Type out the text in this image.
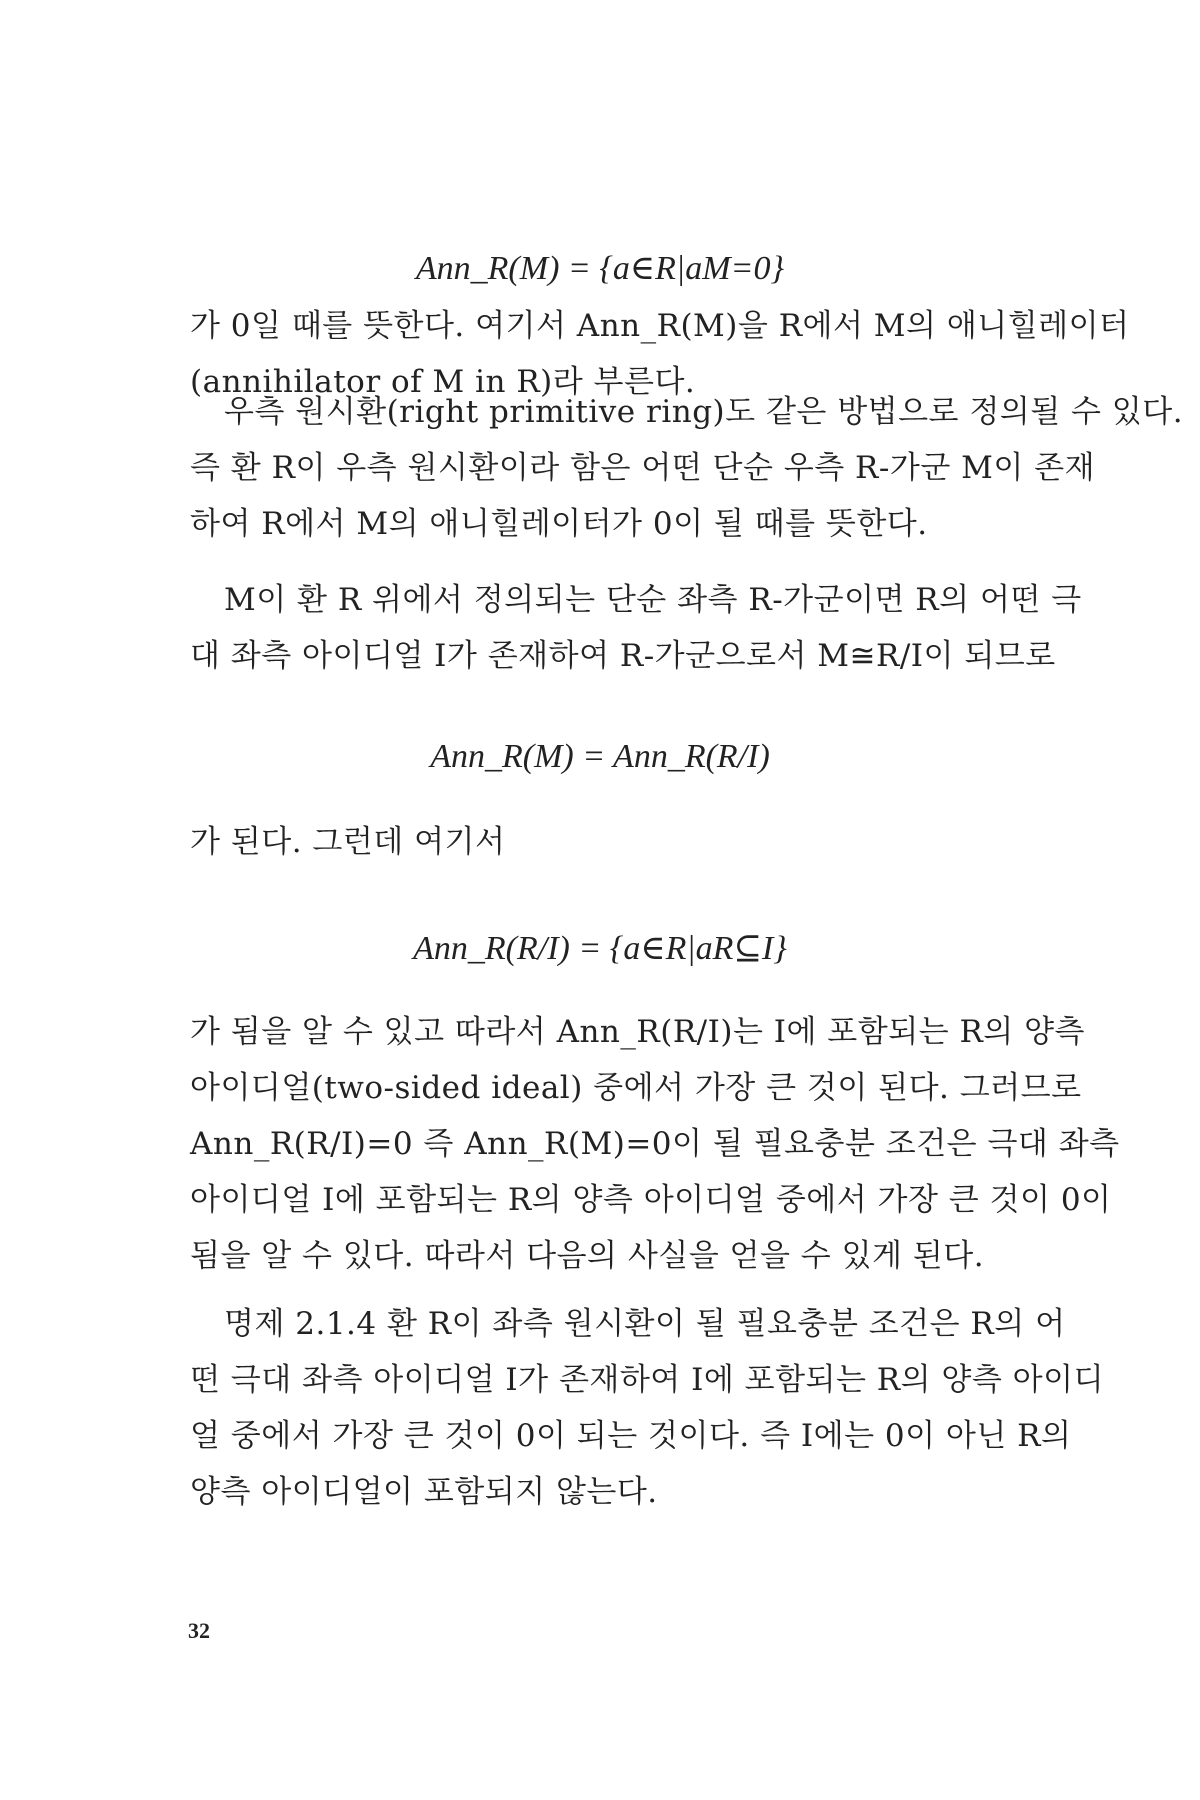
Ann_R(M) = {a∈R|aM=0}
가 0일 때를 뜻한다. 여기서 Ann_R(M)을 R에서 M의 애니힐레이터
(annihilator of M in R)라 부른다.
우측 원시환(right primitive ring)도 같은 방법으로 정의될 수 있다.
즉 환 R이 우측 원시환이라 함은 어떤 단순 우측 R-가군 M이 존재
하여 R에서 M의 애니힐레이터가 0이 될 때를 뜻한다.
M이 환 R 위에서 정의되는 단순 좌측 R-가군이면 R의 어떤 극
대 좌측 아이디얼 I가 존재하여 R-가군으로서 M≅R/I이 되므로
Ann_R(M) = Ann_R(R/I)
가 된다. 그런데 여기서
Ann_R(R/I) = {a∈R|aR⊆I}
가 됨을 알 수 있고 따라서 Ann_R(R/I)는 I에 포함되는 R의 양측
아이디얼(two-sided ideal) 중에서 가장 큰 것이 된다. 그러므로
Ann_R(R/I)=0 즉 Ann_R(M)=0이 될 필요충분 조건은 극대 좌측
아이디얼 I에 포함되는 R의 양측 아이디얼 중에서 가장 큰 것이 0이
됨을 알 수 있다. 따라서 다음의 사실을 얻을 수 있게 된다.
명제 2.1.4 환 R이 좌측 원시환이 될 필요충분 조건은 R의 어
떤 극대 좌측 아이디얼 I가 존재하여 I에 포함되는 R의 양측 아이디
얼 중에서 가장 큰 것이 0이 되는 것이다. 즉 I에는 0이 아닌 R의
양측 아이디얼이 포함되지 않는다.
32
